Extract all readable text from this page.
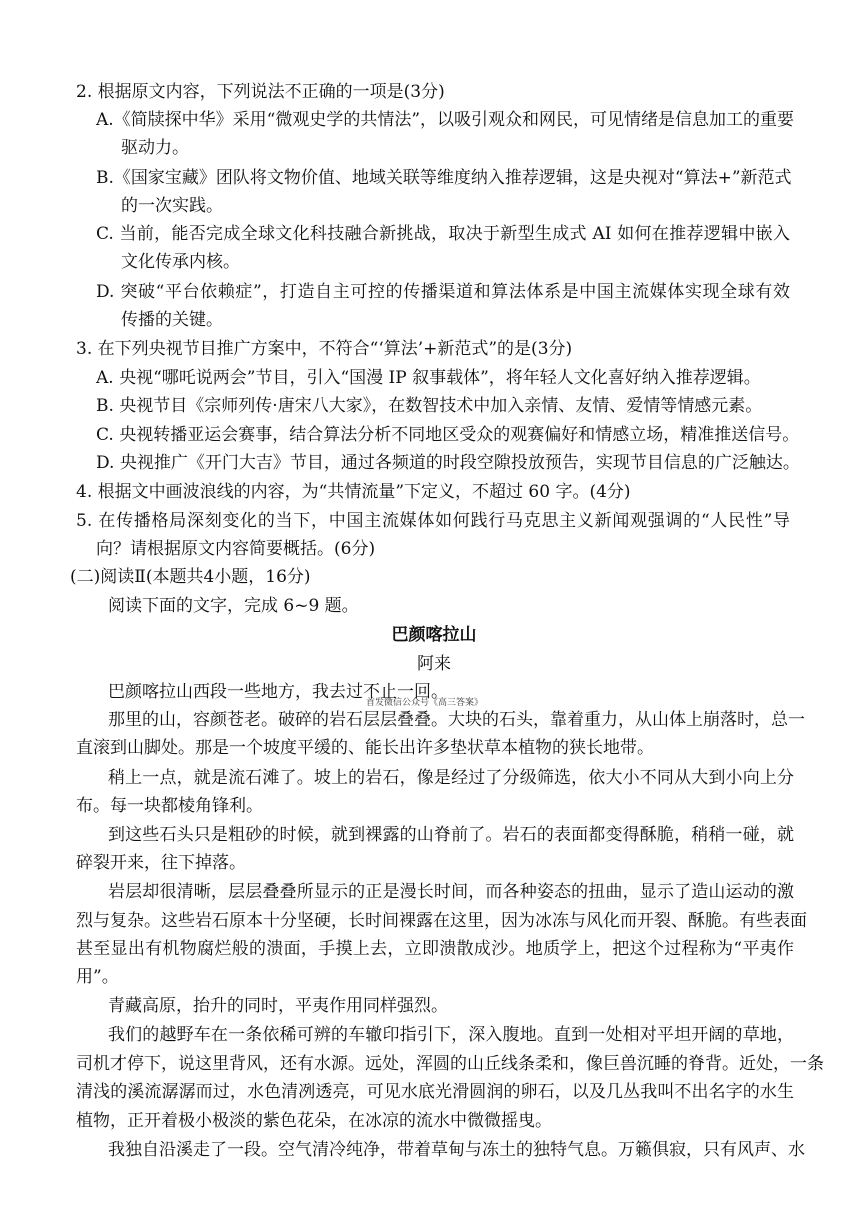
2. 根据原文内容，下列说法不正确的一项是(3分)
A.《简牍探中华》采用“微观史学的共情法”，以吸引观众和网民，可见情绪是信息加工的重要
驱动力。
B.《国家宝藏》团队将文物价值、地域关联等维度纳入推荐逻辑，这是央视对“算法+”新范式
的一次实践。
C. 当前，能否完成全球文化科技融合新挑战，取决于新型生成式 AI 如何在推荐逻辑中嵌入
文化传承内核。
D. 突破“平台依赖症”，打造自主可控的传播渠道和算法体系是中国主流媒体实现全球有效
传播的关键。
3. 在下列央视节目推广方案中，不符合“‘算法’+新范式”的是(3分)
A. 央视“哪吒说两会”节目，引入“国漫 IP 叙事载体”，将年轻人文化喜好纳入推荐逻辑。
B. 央视节目《宗师列传·唐宋八大家》，在数智技术中加入亲情、友情、爱情等情感元素。
C. 央视转播亚运会赛事，结合算法分析不同地区受众的观赛偏好和情感立场，精准推送信号。
D. 央视推广《开门大吉》节目，通过各频道的时段空隙投放预告，实现节目信息的广泛触达。
4. 根据文中画波浪线的内容，为“共情流量”下定义，不超过 60 字。(4分)
5. 在传播格局深刻变化的当下，中国主流媒体如何践行马克思主义新闻观强调的“人民性”导
向？请根据原文内容简要概括。(6分)
(二)阅读Ⅱ(本题共4小题，16分)
阅读下面的文字，完成 6~9 题。
巴颜喀拉山
阿来
巴颜喀拉山西段一些地方，我去过不止一回。
首发微信公众号《高三答案》
那里的山，容颜苍老。破碎的岩石层层叠叠。大块的石头，靠着重力，从山体上崩落时，总一
直滚到山脚处。那是一个坡度平缓的、能长出许多垫状草本植物的狭长地带。
稍上一点，就是流石滩了。坡上的岩石，像是经过了分级筛选，依大小不同从大到小向上分
布。每一块都棱角锋利。
到这些石头只是粗砂的时候，就到裸露的山脊前了。岩石的表面都变得酥脆，稍稍一碰，就
碎裂开来，往下掉落。
岩层却很清晰，层层叠叠所显示的正是漫长时间，而各种姿态的扭曲，显示了造山运动的激
烈与复杂。这些岩石原本十分坚硬，长时间裸露在这里，因为冰冻与风化而开裂、酥脆。有些表面
甚至显出有机物腐烂般的溃面，手摸上去，立即溃散成沙。地质学上，把这个过程称为“平夷作
用”。
青藏高原，抬升的同时，平夷作用同样强烈。
我们的越野车在一条依稀可辨的车辙印指引下，深入腹地。直到一处相对平坦开阔的草地，
司机才停下，说这里背风，还有水源。远处，浑圆的山丘线条柔和，像巨兽沉睡的脊背。近处，一条
清浅的溪流潺潺而过，水色清冽透亮，可见水底光滑圆润的卵石，以及几丛我叫不出名字的水生
植物，正开着极小极淡的紫色花朵，在冰凉的流水中微微摇曳。
我独自沿溪走了一段。空气清冷纯净，带着草甸与冻土的独特气息。万籁俱寂，只有风声、水
